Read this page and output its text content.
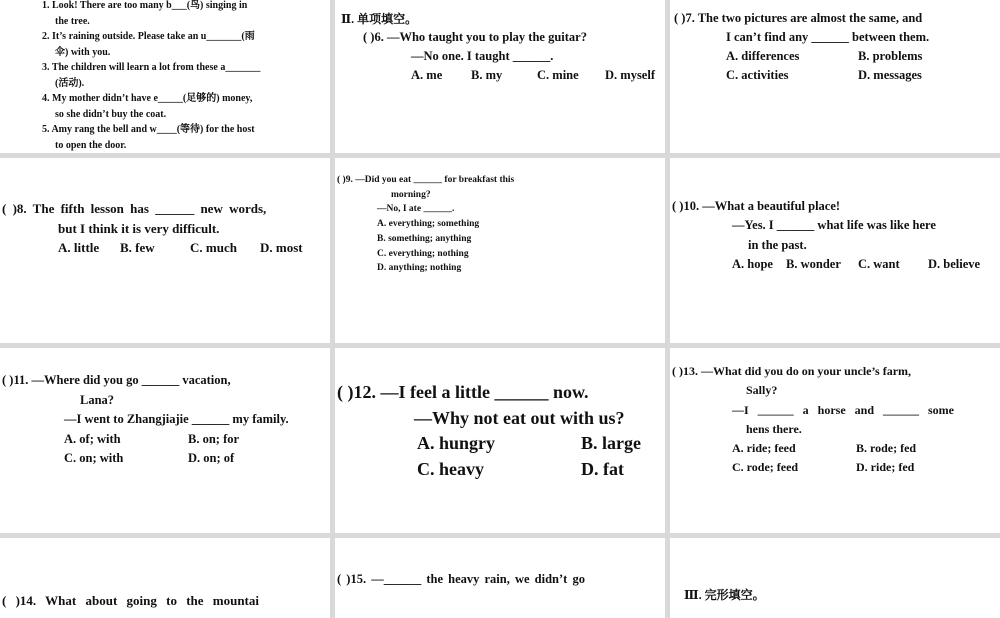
1. Look! There are too many b___(鸟) singing in
the tree.
2. It’s raining outside. Please take an u_______(雨
伞) with you.
3. The children will learn a lot from these a_______
(活动).
4. My mother didn’t have e_____(足够的) money,
so she didn’t buy the coat.
5. Amy rang the bell and w____(等待) for the host
to open the door.
Ⅱ. 单项填空。
( )6. —Who taught you to play the guitar?
—No one. I taught ______.
A. me	B. my	C. mine	D. myself
( )7. The two pictures are almost the same, and
I can’t find any ______ between them.
A. differences	B. problems
C. activities	D. messages
( )8. The fifth lesson has ______ new words,
but I think it is very difficult.
A. little	B. few	C. much	D. most
( )9. —Did you eat ______ for breakfast this
morning?
—No, I ate ______.
A. everything; something
B. something; anything
C. everything; nothing
D. anything; nothing
( )10. —What a beautiful place!
—Yes. I ______ what life was like here
in the past.
A. hope	B. wonder	C. want	D. believe
( )11. —Where did you go ______ vacation,
Lana?
—I went to Zhangjiajie ______ my family.
A. of; with	B. on; for
C. on; with	D. on; of
( )12. —I feel a little ______ now.
—Why not eat out with us?
A. hungry	B. large
C. heavy	D. fat
( )13. —What did you do on your uncle’s farm,
Sally?
—I ______ a horse and ______ some
hens there.
A. ride; feed	B. rode; fed
C. rode; feed	D. ride; fed
( )14. What about going to the mountai
( )15. —______ the heavy rain, we didn’t go
Ⅲ. 完形填空。
